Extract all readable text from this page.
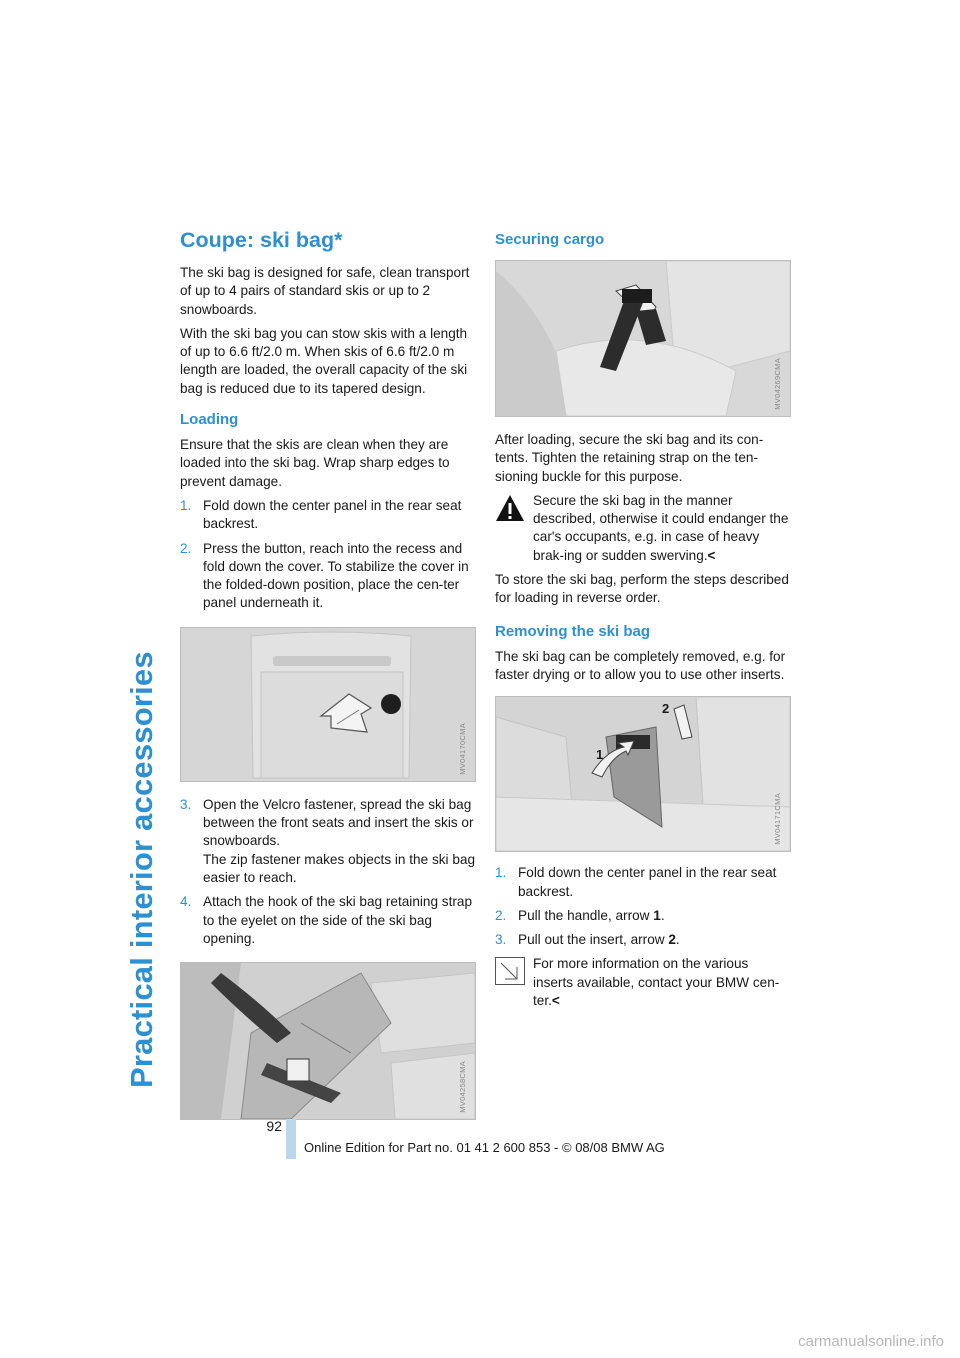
Practical interior accessories
Coupe: ski bag*

The ski bag is designed for safe, clean transport of up to 4 pairs of standard skis or up to 2 snowboards.

With the ski bag you can stow skis with a length of up to 6.6 ft/2.0 m. When skis of 6.6 ft/2.0 m length are loaded, the overall capacity of the ski bag is reduced due to its tapered design.

Loading

Ensure that the skis are clean when they are loaded into the ski bag. Wrap sharp edges to prevent damage.

1. Fold down the center panel in the rear seat backrest.
2. Press the button, reach into the recess and fold down the cover. To stabilize the cover in the folded-down position, place the cen-ter panel underneath it.
MV04170CMA
3. Open the Velcro fastener, spread the ski bag between the front seats and insert the skis or snowboards.
The zip fastener makes objects in the ski bag easier to reach.
4. Attach the hook of the ski bag retaining strap to the eyelet on the side of the ski bag opening.
MV04258CMA
Securing cargo
MV04269CMA

After loading, secure the ski bag and its con-tents. Tighten the retaining strap on the ten-sioning buckle for this purpose.

Secure the ski bag in the manner described, otherwise it could endanger the car's occupants, e.g. in case of heavy brak-ing or sudden swerving.<

To store the ski bag, perform the steps described for loading in reverse order.

Removing the ski bag

The ski bag can be completely removed, e.g. for faster drying or to allow you to use other inserts.

1
2
MV04171CMA
1. Fold down the center panel in the rear seat backrest.
2. Pull the handle, arrow 1.
3. Pull out the insert, arrow 2.
For more information on the various inserts available, contact your BMW cen-ter.<
92
Online Edition for Part no. 01 41 2 600 853 - © 08/08 BMW AG
carmanualsonline.info
